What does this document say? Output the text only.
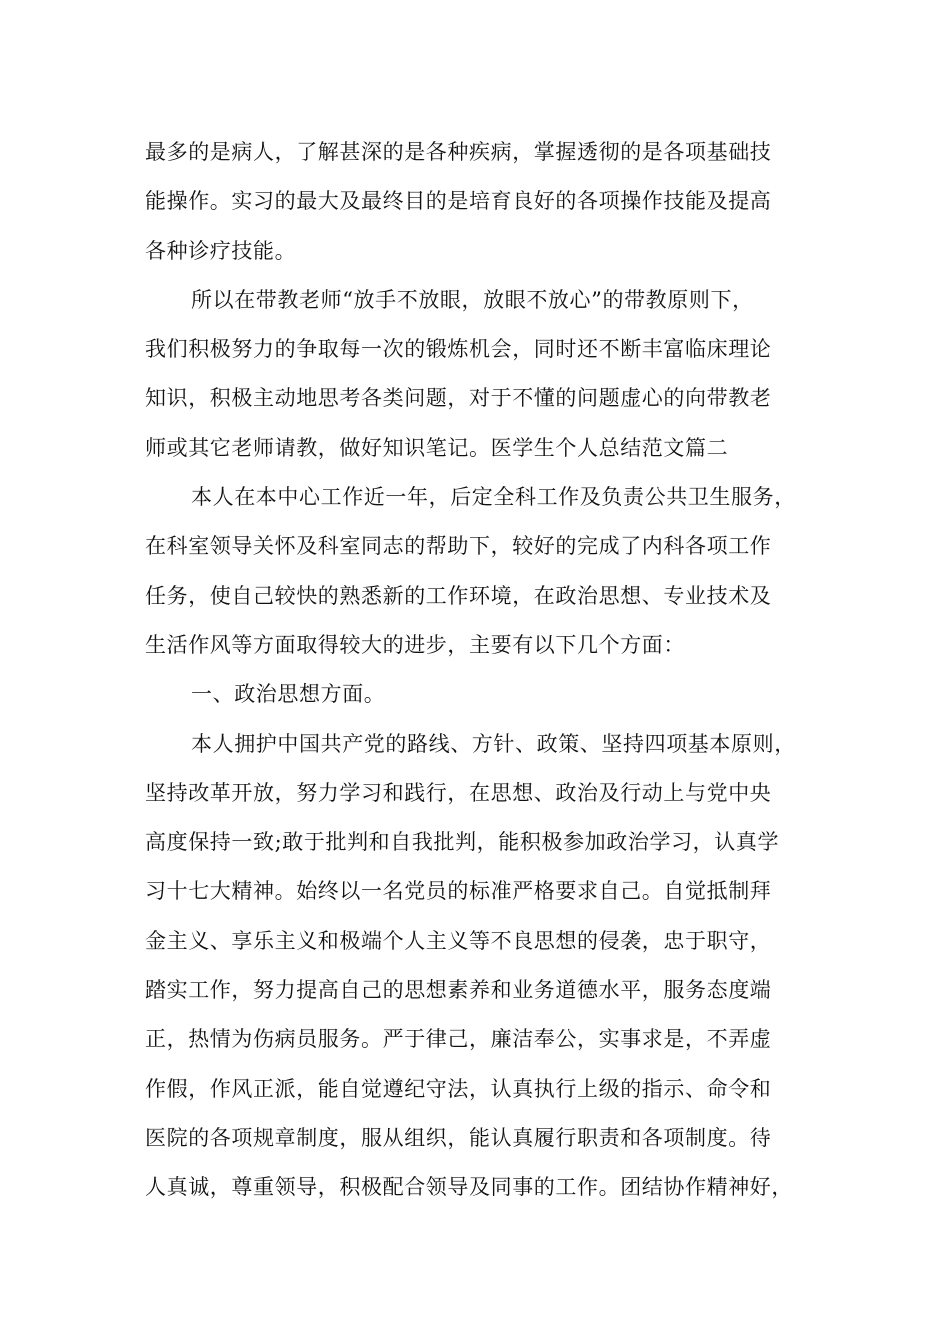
最多的是病人，了解甚深的是各种疾病，掌握透彻的是各项基础技
能操作。实习的最大及最终目的是培育良好的各项操作技能及提高
各种诊疗技能。
所以在带教老师“放手不放眼，放眼不放心”的带教原则下，
我们积极努力的争取每一次的锻炼机会，同时还不断丰富临床理论
知识，积极主动地思考各类问题，对于不懂的问题虚心的向带教老
师或其它老师请教，做好知识笔记。医学生个人总结范文篇二
本人在本中心工作近一年，后定全科工作及负责公共卫生服务，
在科室领导关怀及科室同志的帮助下，较好的完成了内科各项工作
任务，使自己较快的熟悉新的工作环境，在政治思想、专业技术及
生活作风等方面取得较大的进步，主要有以下几个方面：
一、政治思想方面。
本人拥护中国共产党的路线、方针、政策、坚持四项基本原则，
坚持改革开放，努力学习和践行，在思想、政治及行动上与党中央
高度保持一致;敢于批判和自我批判，能积极参加政治学习，认真学
习十七大精神。始终以一名党员的标准严格要求自己。自觉抵制拜
金主义、享乐主义和极端个人主义等不良思想的侵袭，忠于职守，
踏实工作，努力提高自己的思想素养和业务道德水平，服务态度端
正，热情为伤病员服务。严于律己，廉洁奉公，实事求是，不弄虚
作假，作风正派，能自觉遵纪守法，认真执行上级的指示、命令和
医院的各项规章制度，服从组织，能认真履行职责和各项制度。待
人真诚，尊重领导，积极配合领导及同事的工作。团结协作精神好，
